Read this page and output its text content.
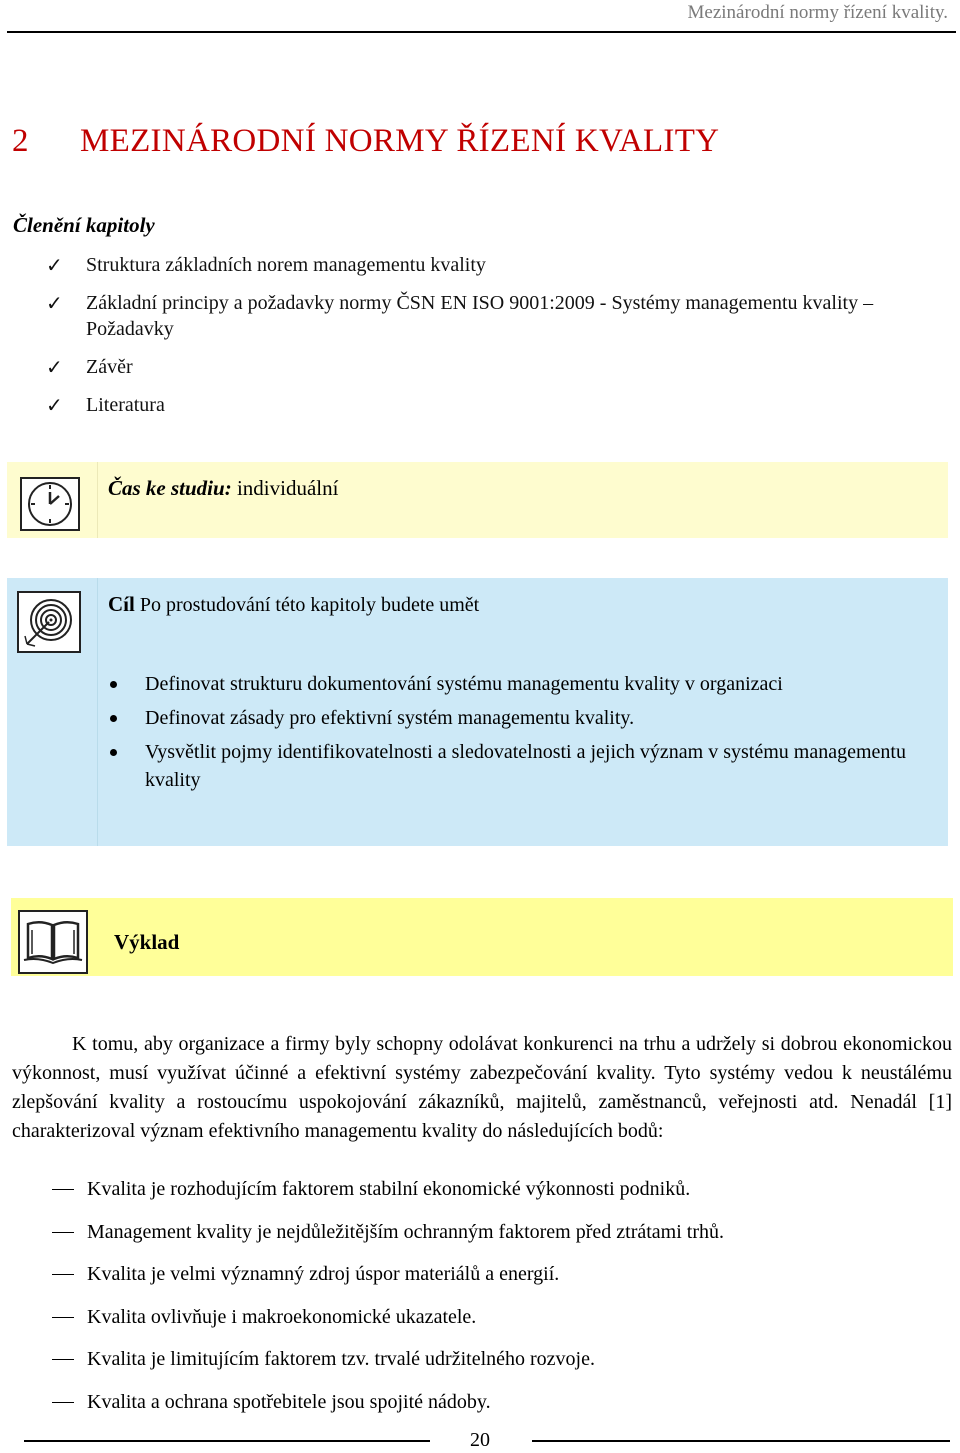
Mezinárodní normy řízení kvality.
2 MEZINÁRODNÍ NORMY ŘÍZENÍ KVALITY
Členění kapitoly
✓ Struktura základních norem managementu kvality
✓ Základní principy a požadavky normy ČSN EN ISO 9001:2009 - Systémy managementu kvality – Požadavky
✓ Závěr
✓ Literatura
Čas ke studiu: individuální
Cíl Po prostudování této kapitoly budete umět
Definovat strukturu dokumentování systému managementu kvality v organizaci
Definovat zásady pro efektivní systém managementu kvality.
Vysvětlit pojmy identifikovatelnosti a sledovatelnosti a jejich význam v systému managementu kvality
Výklad

K tomu, aby organizace a firmy byly schopny odolávat konkurenci na trhu a udržely si dobrou ekonomickou výkonnost, musí využívat účinné a efektivní systémy zabezpečování kvality. Tyto systémy vedou k neustálému zlepšování kvality a rostoucímu uspokojování zákazníků, majitelů, zaměstnanců, veřejnosti atd. Nenadál [1] charakterizoval význam efektivního managementu kvality do následujících bodů:

Kvalita je rozhodujícím faktorem stabilní ekonomické výkonnosti podniků.
Management kvality je nejdůležitějším ochranným faktorem před ztrátami trhů.
Kvalita je velmi významný zdroj úspor materiálů a energií.
Kvalita ovlivňuje i makroekonomické ukazatele.
Kvalita je limitujícím faktorem tzv. trvalé udržitelného rozvoje.
Kvalita a ochrana spotřebitele jsou spojité nádoby.
20
